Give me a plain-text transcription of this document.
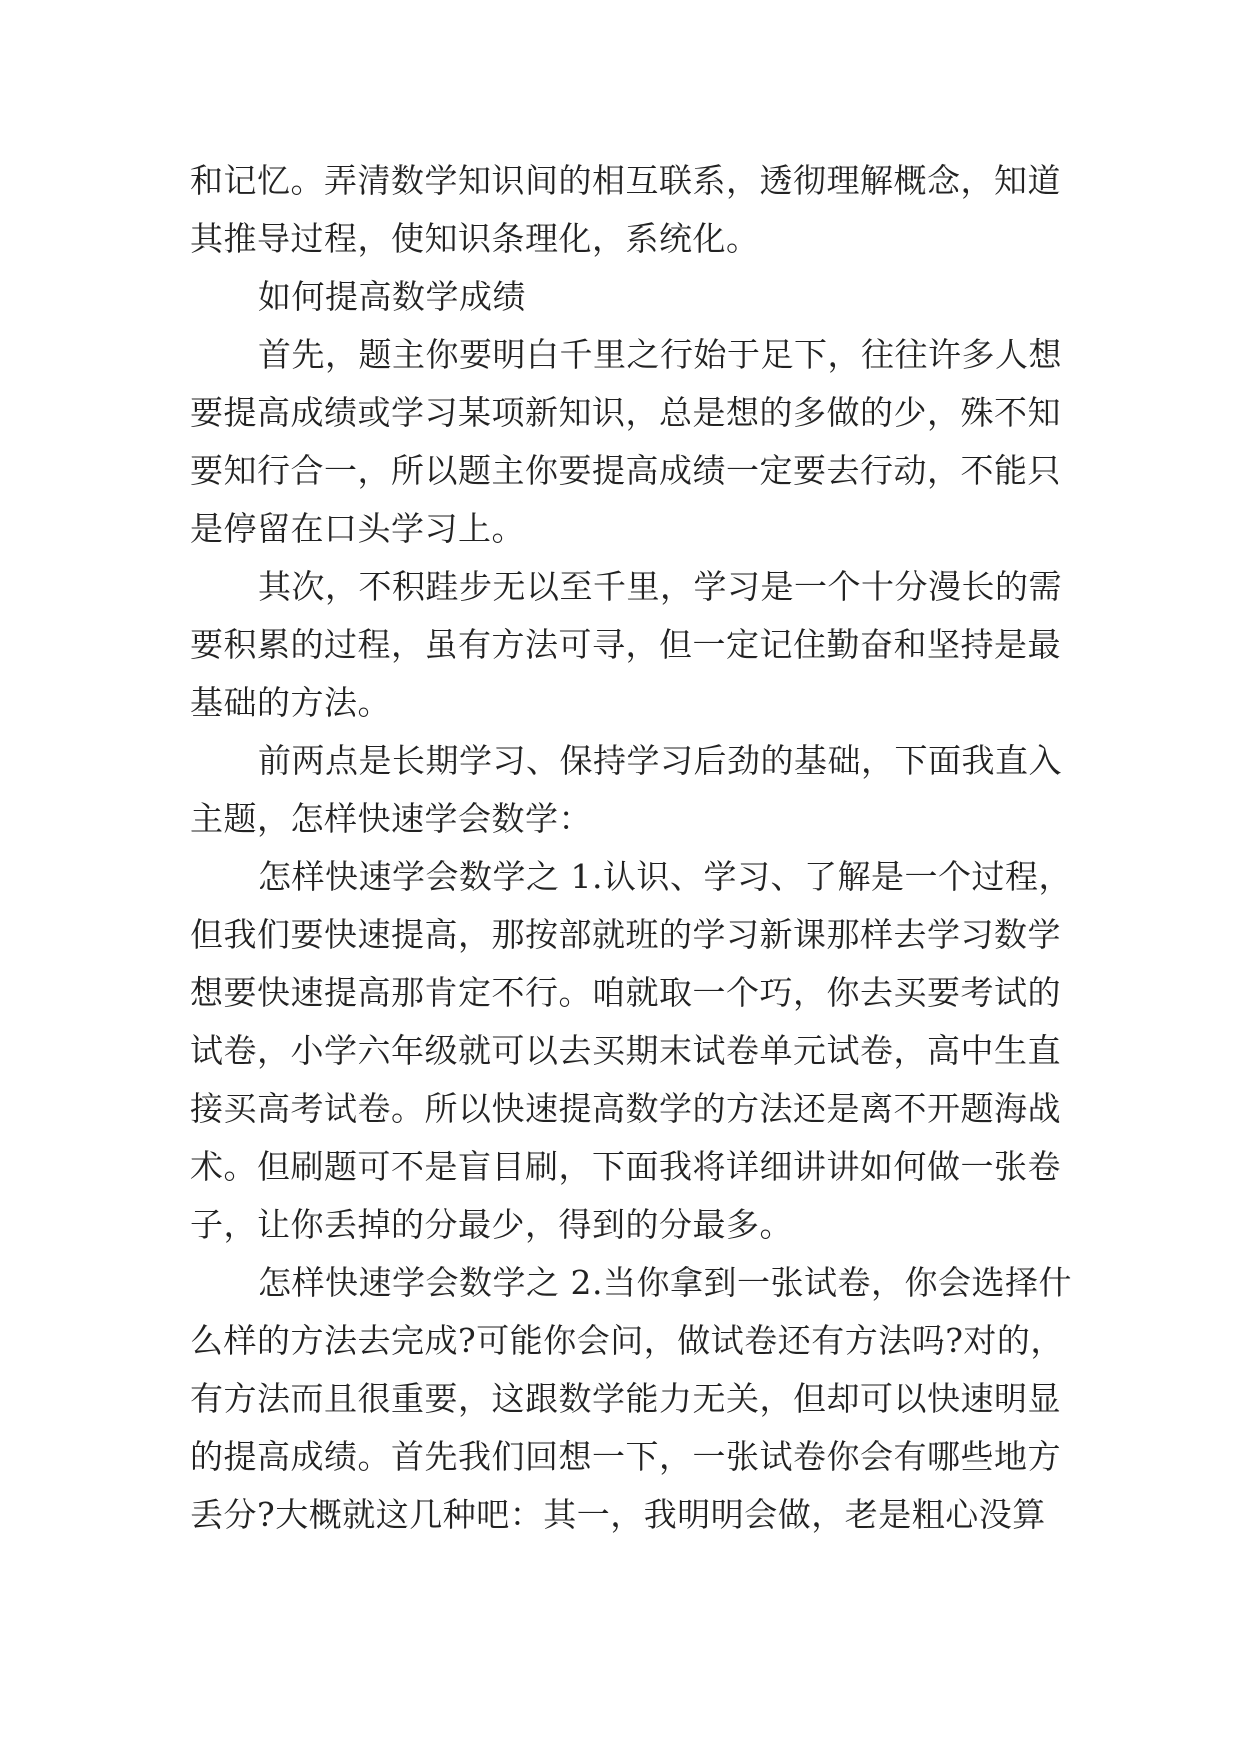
和记忆。弄清数学知识间的相互联系，透彻理解概念，知道
其推导过程，使知识条理化，系统化。
如何提高数学成绩
首先，题主你要明白千里之行始于足下，往往许多人想
要提高成绩或学习某项新知识，总是想的多做的少，殊不知
要知行合一，所以题主你要提高成绩一定要去行动，不能只
是停留在口头学习上。
其次，不积跬步无以至千里，学习是一个十分漫长的需
要积累的过程，虽有方法可寻，但一定记住勤奋和坚持是最
基础的方法。
前两点是长期学习、保持学习后劲的基础，下面我直入
主题，怎样快速学会数学：
怎样快速学会数学之 1.认识、学习、了解是一个过程，
但我们要快速提高，那按部就班的学习新课那样去学习数学
想要快速提高那肯定不行。咱就取一个巧，你去买要考试的
试卷，小学六年级就可以去买期末试卷单元试卷，高中生直
接买高考试卷。所以快速提高数学的方法还是离不开题海战
术。但刷题可不是盲目刷，下面我将详细讲讲如何做一张卷
子，让你丢掉的分最少，得到的分最多。
怎样快速学会数学之 2.当你拿到一张试卷，你会选择什
么样的方法去完成?可能你会问，做试卷还有方法吗?对的，
有方法而且很重要，这跟数学能力无关，但却可以快速明显
的提高成绩。首先我们回想一下，一张试卷你会有哪些地方
丢分?大概就这几种吧：其一，我明明会做，老是粗心没算
